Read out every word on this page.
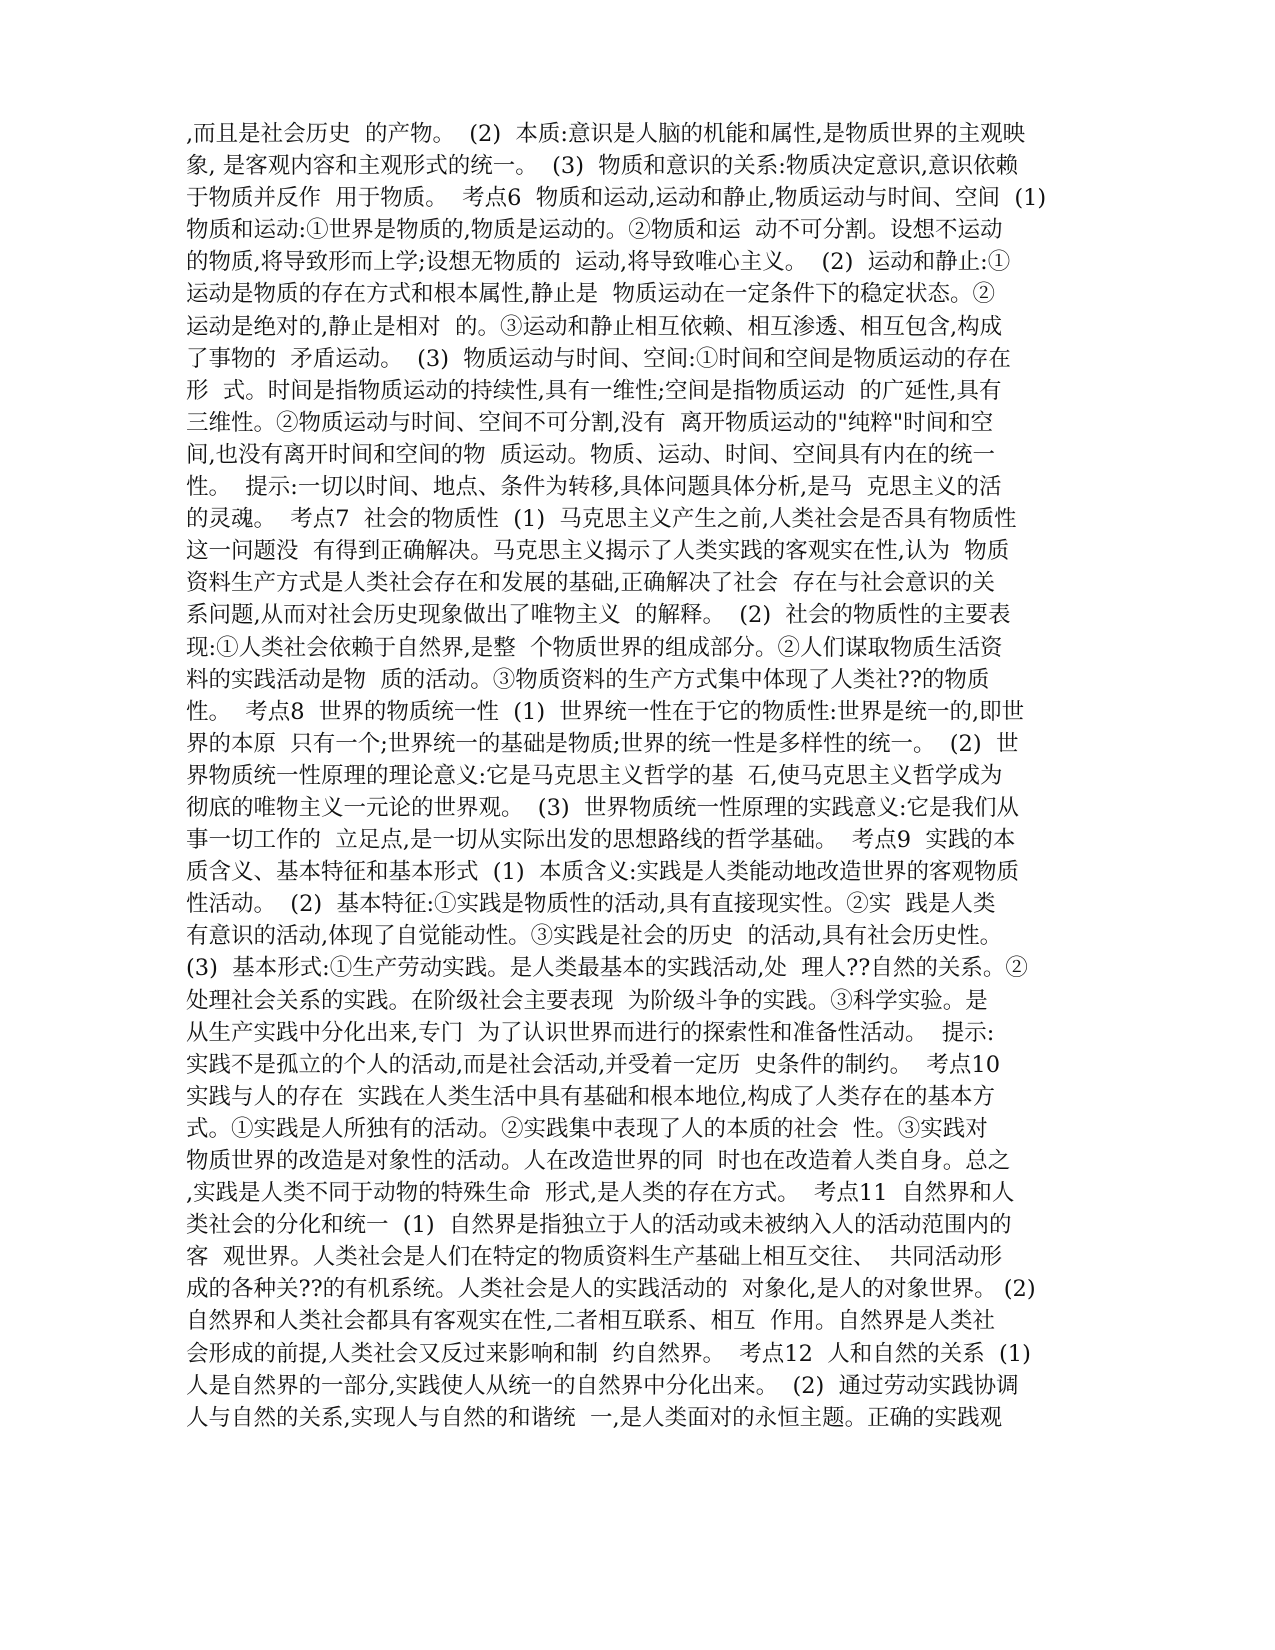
,而且是社会历史  的产物。  (2)  本质:意识是人脑的机能和属性,是物质世界的主观映
象, 是客观内容和主观形式的统一。  (3)  物质和意识的关系:物质决定意识,意识依赖
于物质并反作  用于物质。  考点6  物质和运动,运动和静止,物质运动与时间、空间  (1)
物质和运动:①世界是物质的,物质是运动的。②物质和运  动不可分割。设想不运动
的物质,将导致形而上学;设想无物质的  运动,将导致唯心主义。  (2)  运动和静止:①
运动是物质的存在方式和根本属性,静止是  物质运动在一定条件下的稳定状态。②
运动是绝对的,静止是相对  的。③运动和静止相互依赖、相互渗透、相互包含,构成
了事物的  矛盾运动。  (3)  物质运动与时间、空间:①时间和空间是物质运动的存在
形  式。时间是指物质运动的持续性,具有一维性;空间是指物质运动  的广延性,具有
三维性。②物质运动与时间、空间不可分割,没有  离开物质运动的"纯粹"时间和空
间,也没有离开时间和空间的物  质运动。物质、运动、时间、空间具有内在的统一
性。  提示:一切以时间、地点、条件为转移,具体问题具体分析,是马  克思主义的活
的灵魂。  考点7  社会的物质性  (1)  马克思主义产生之前,人类社会是否具有物质性
这一问题没  有得到正确解决。马克思主义揭示了人类实践的客观实在性,认为  物质
资料生产方式是人类社会存在和发展的基础,正确解决了社会  存在与社会意识的关
系问题,从而对社会历史现象做出了唯物主义  的解释。  (2)  社会的物质性的主要表
现:①人类社会依赖于自然界,是整  个物质世界的组成部分。②人们谋取物质生活资
料的实践活动是物  质的活动。③物质资料的生产方式集中体现了人类社??的物质
性。  考点8  世界的物质统一性  (1)  世界统一性在于它的物质性:世界是统一的,即世
界的本原  只有一个;世界统一的基础是物质;世界的统一性是多样性的统一。  (2)  世
界物质统一性原理的理论意义:它是马克思主义哲学的基  石,使马克思主义哲学成为
彻底的唯物主义一元论的世界观。  (3)  世界物质统一性原理的实践意义:它是我们从
事一切工作的  立足点,是一切从实际出发的思想路线的哲学基础。  考点9  实践的本
质含义、基本特征和基本形式  (1)  本质含义:实践是人类能动地改造世界的客观物质
性活动。  (2)  基本特征:①实践是物质性的活动,具有直接现实性。②实  践是人类
有意识的活动,体现了自觉能动性。③实践是社会的历史  的活动,具有社会历史性。
(3)  基本形式:①生产劳动实践。是人类最基本的实践活动,处  理人??自然的关系。②
处理社会关系的实践。在阶级社会主要表现  为阶级斗争的实践。③科学实验。是
从生产实践中分化出来,专门  为了认识世界而进行的探索性和准备性活动。  提示:
实践不是孤立的个人的活动,而是社会活动,并受着一定历  史条件的制约。  考点10
实践与人的存在  实践在人类生活中具有基础和根本地位,构成了人类存在的基本方
式。①实践是人所独有的活动。②实践集中表现了人的本质的社会  性。③实践对
物质世界的改造是对象性的活动。人在改造世界的同  时也在改造着人类自身。总之
,实践是人类不同于动物的特殊生命  形式,是人类的存在方式。  考点11  自然界和人
类社会的分化和统一  (1)  自然界是指独立于人的活动或未被纳入人的活动范围内的
客  观世界。人类社会是人们在特定的物质资料生产基础上相互交往、  共同活动形
成的各种关??的有机系统。人类社会是人的实践活动的  对象化,是人的对象世界。 (2)
自然界和人类社会都具有客观实在性,二者相互联系、相互  作用。自然界是人类社
会形成的前提,人类社会又反过来影响和制  约自然界。  考点12  人和自然的关系  (1)
人是自然界的一部分,实践使人从统一的自然界中分化出来。  (2)  通过劳动实践协调
人与自然的关系,实现人与自然的和谐统  一,是人类面对的永恒主题。正确的实践观
